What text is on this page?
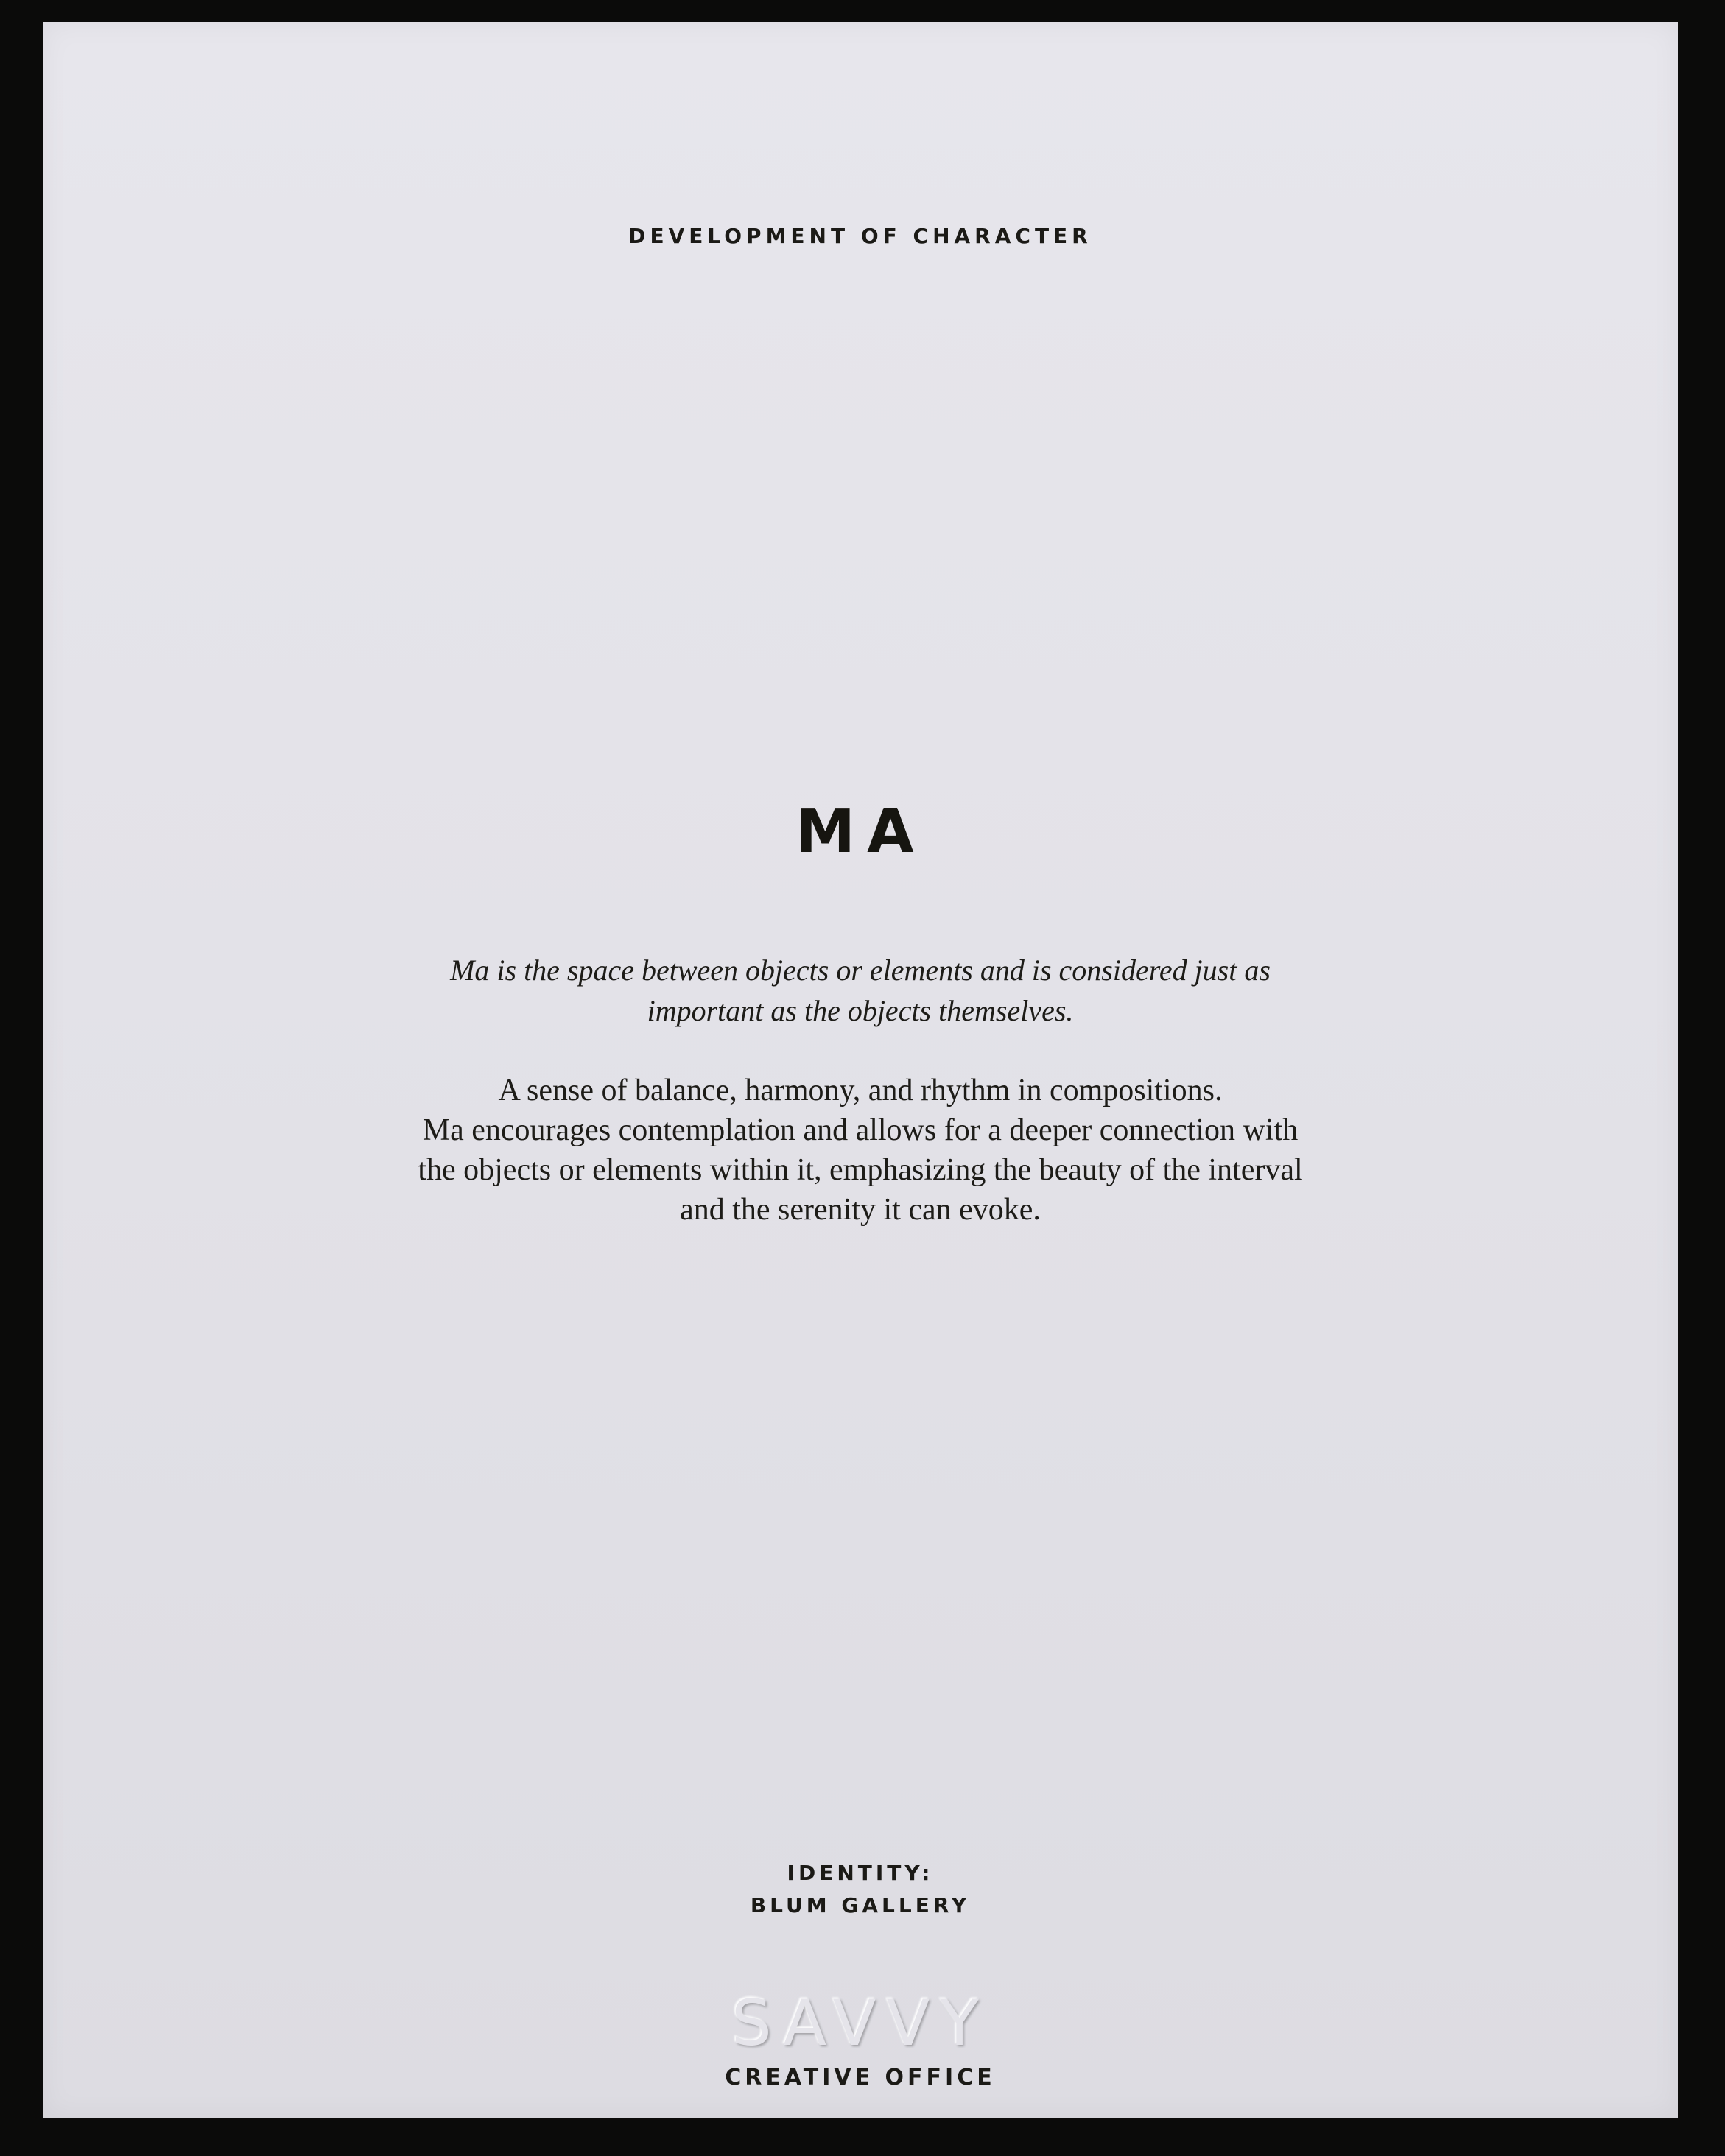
DEVELOPMENT OF CHARACTER
MA
Ma is the space between objects or elements and is considered just as
important as the objects themselves.
A sense of balance, harmony, and rhythm in compositions.
Ma encourages contemplation and allows for a deeper connection with
the objects or elements within it, emphasizing the beauty of the interval
and the serenity it can evoke.
IDENTITY:
BLUM GALLERY
SAVVY
CREATIVE OFFICE
